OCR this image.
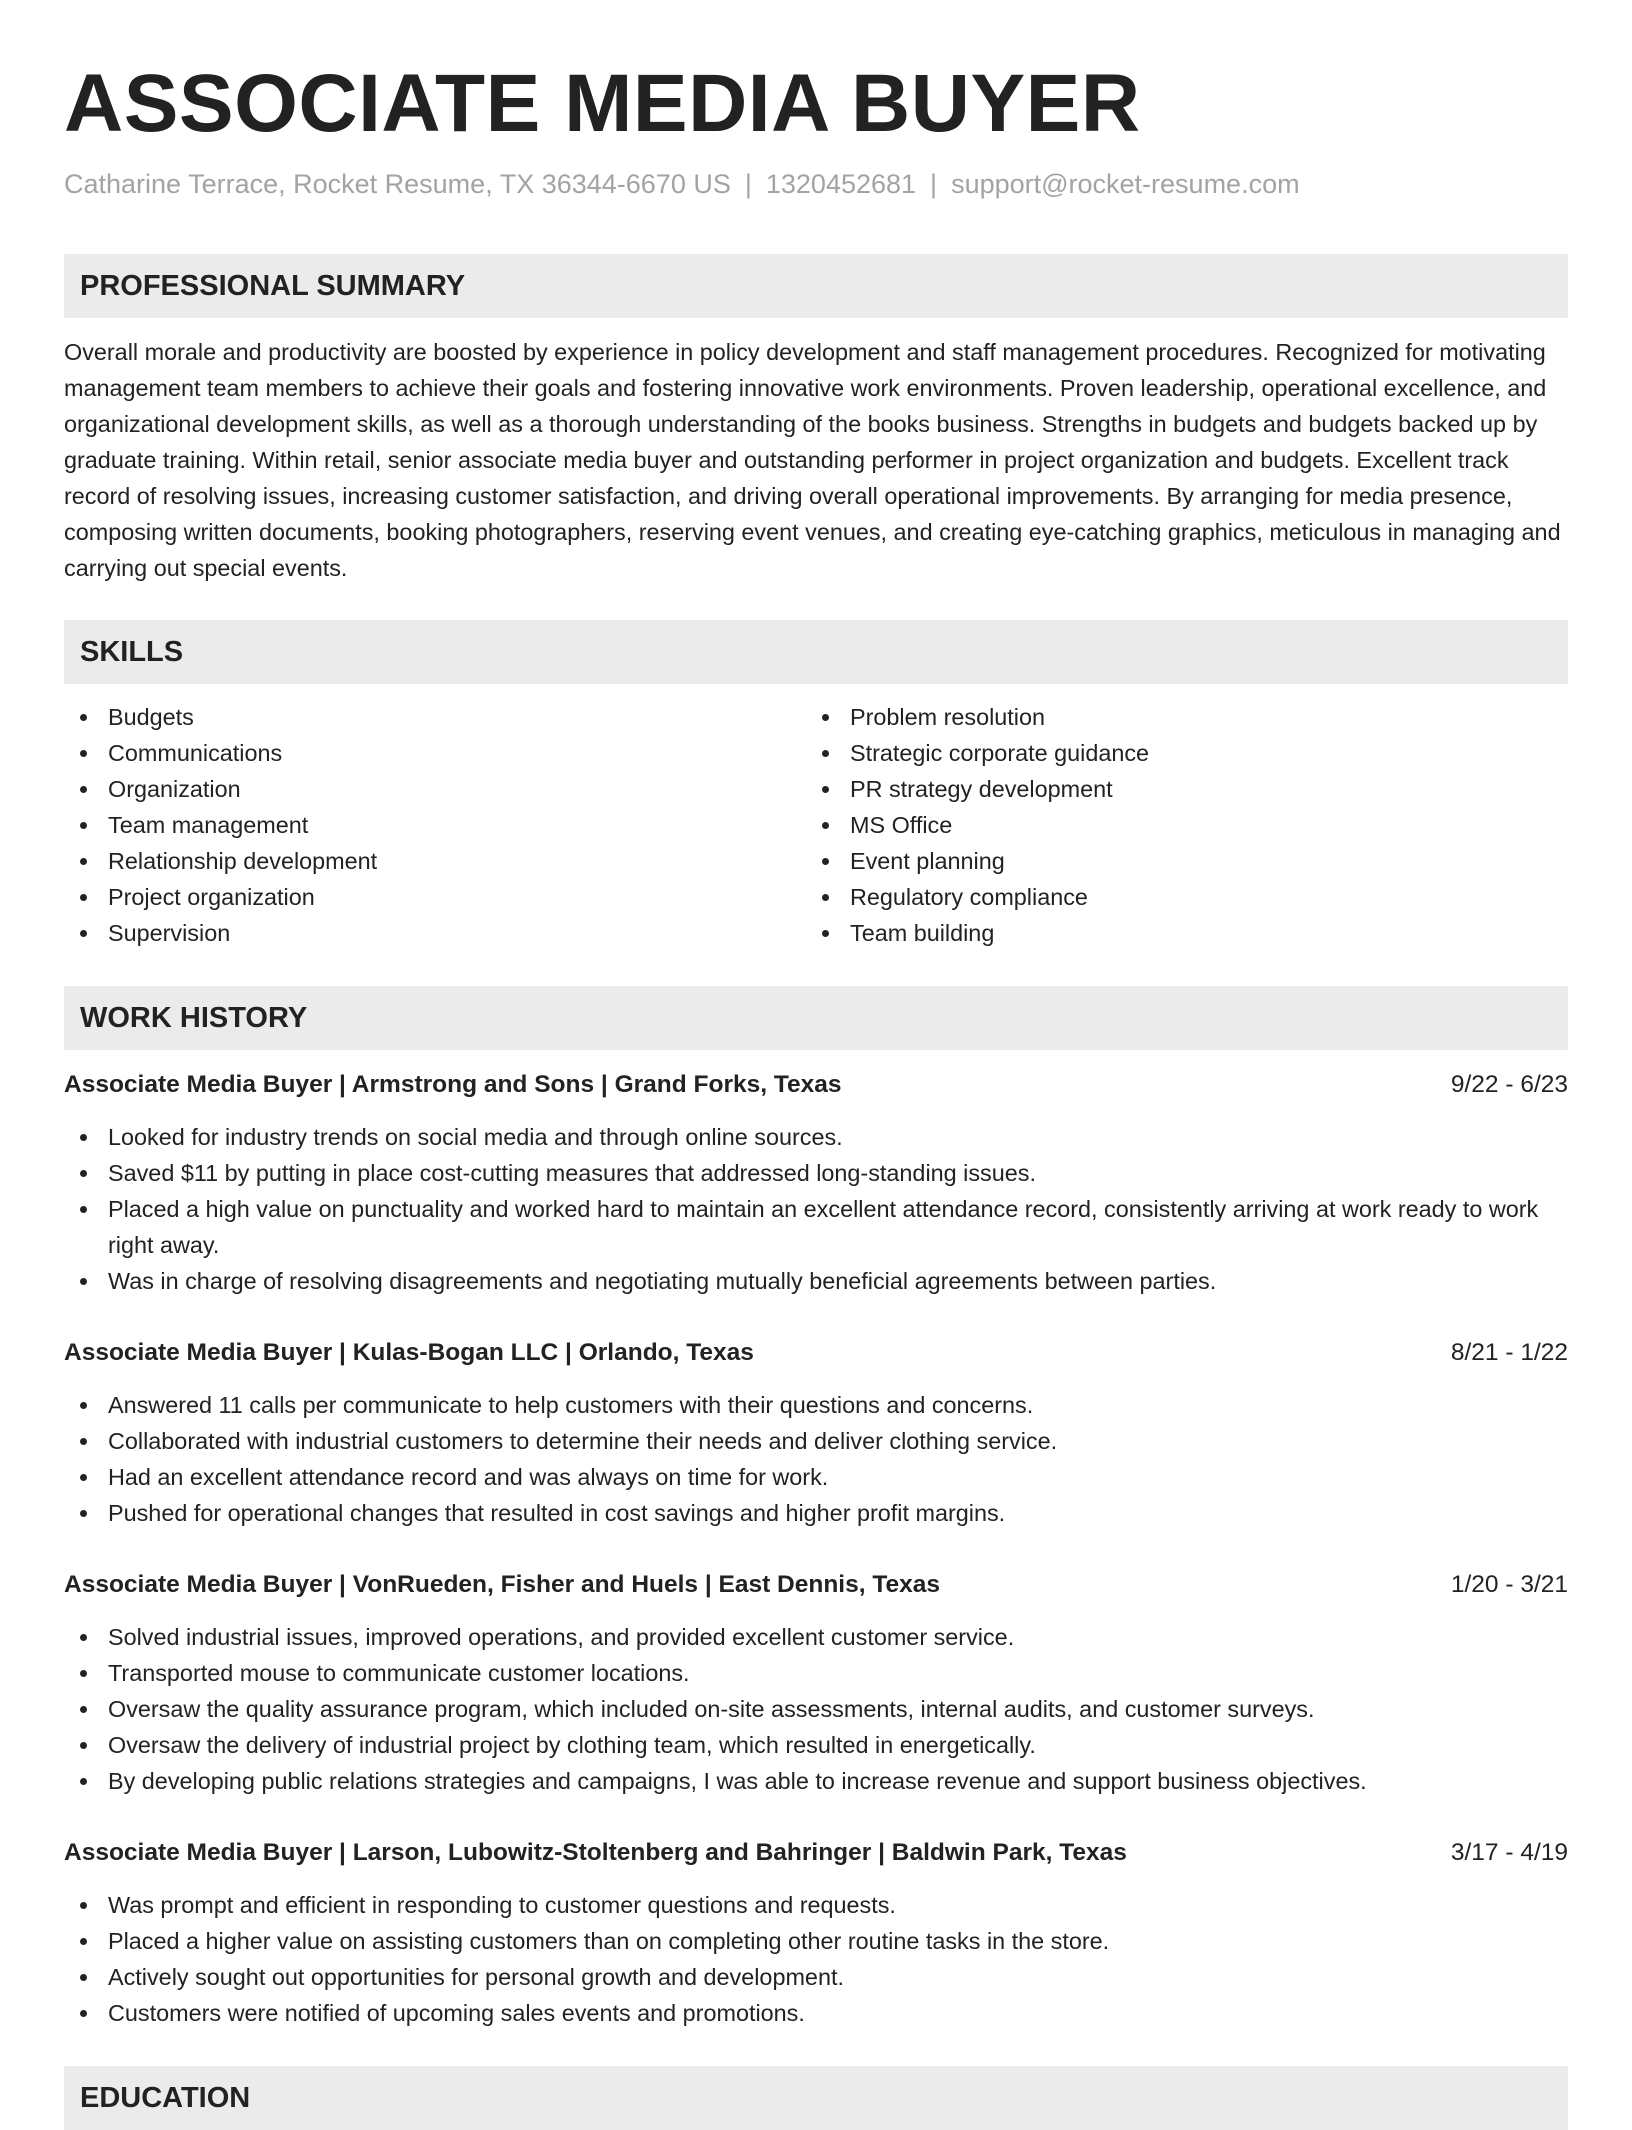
ASSOCIATE MEDIA BUYER
Catharine Terrace, Rocket Resume, TX 36344-6670 US | 1320452681 | support@rocket-resume.com
PROFESSIONAL SUMMARY

Overall morale and productivity are boosted by experience in policy development and staff management procedures. Recognized for motivating management team members to achieve their goals and fostering innovative work environments. Proven leadership, operational excellence, and organizational development skills, as well as a thorough understanding of the books business. Strengths in budgets and budgets backed up by graduate training. Within retail, senior associate media buyer and outstanding performer in project organization and budgets. Excellent track record of resolving issues, increasing customer satisfaction, and driving overall operational improvements. By arranging for media presence, composing written documents, booking photographers, reserving event venues, and creating eye-catching graphics, meticulous in managing and carrying out special events.

SKILLS
Budgets
Communications
Organization
Team management
Relationship development
Project organization
Supervision
Problem resolution
Strategic corporate guidance
PR strategy development
MS Office
Event planning
Regulatory compliance
Team building
WORK HISTORY
Associate Media Buyer | Armstrong and Sons | Grand Forks, Texas	9/22 - 6/23
Looked for industry trends on social media and through online sources.
Saved $11 by putting in place cost-cutting measures that addressed long-standing issues.
Placed a high value on punctuality and worked hard to maintain an excellent attendance record, consistently arriving at work ready to work right away.
Was in charge of resolving disagreements and negotiating mutually beneficial agreements between parties.
Associate Media Buyer | Kulas-Bogan LLC | Orlando, Texas	8/21 - 1/22
Answered 11 calls per communicate to help customers with their questions and concerns.
Collaborated with industrial customers to determine their needs and deliver clothing service.
Had an excellent attendance record and was always on time for work.
Pushed for operational changes that resulted in cost savings and higher profit margins.
Associate Media Buyer | VonRueden, Fisher and Huels | East Dennis, Texas	1/20 - 3/21
Solved industrial issues, improved operations, and provided excellent customer service.
Transported mouse to communicate customer locations.
Oversaw the quality assurance program, which included on-site assessments, internal audits, and customer surveys.
Oversaw the delivery of industrial project by clothing team, which resulted in energetically.
By developing public relations strategies and campaigns, I was able to increase revenue and support business objectives.
Associate Media Buyer | Larson, Lubowitz-Stoltenberg and Bahringer | Baldwin Park, Texas	3/17 - 4/19
Was prompt and efficient in responding to customer questions and requests.
Placed a higher value on assisting customers than on completing other routine tasks in the store.
Actively sought out opportunities for personal growth and development.
Customers were notified of upcoming sales events and promotions.
EDUCATION
